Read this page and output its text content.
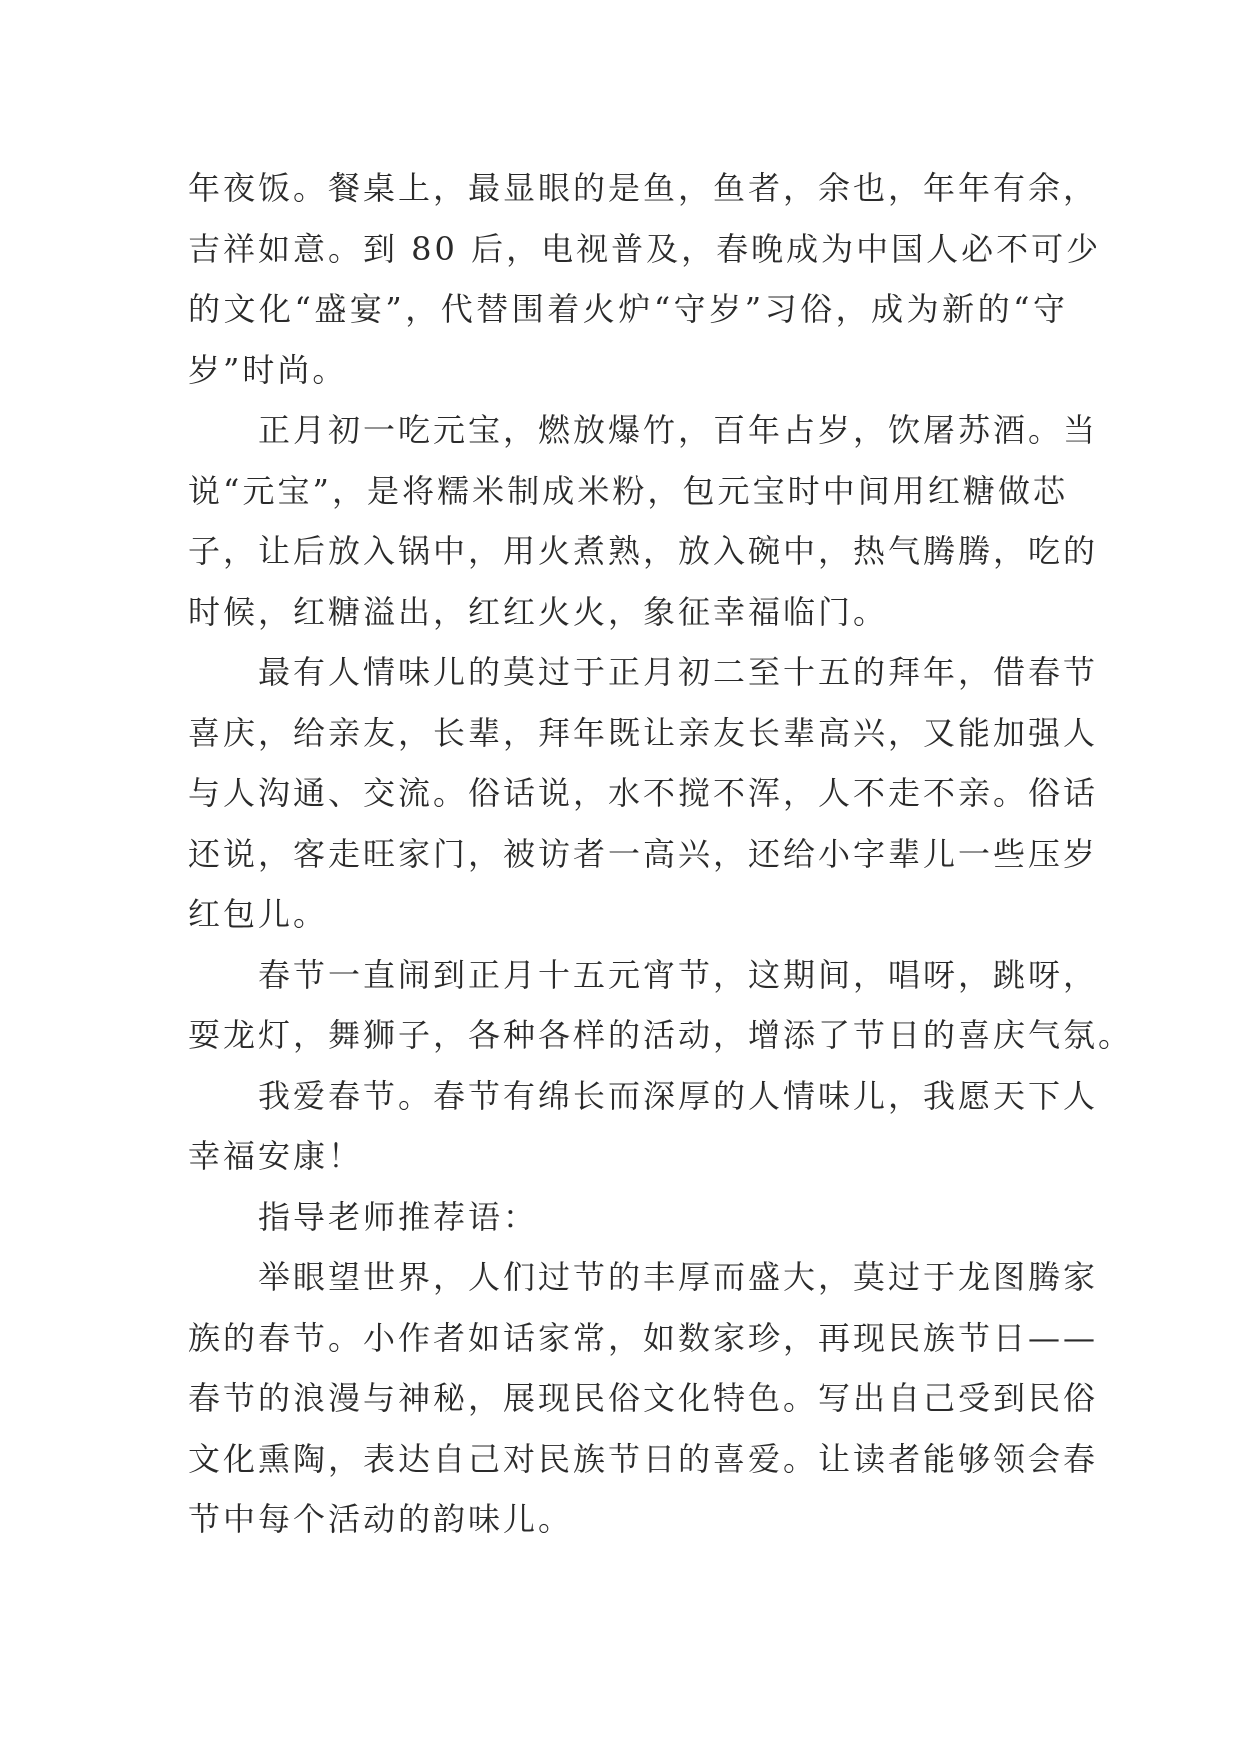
年夜饭。餐桌上，最显眼的是鱼，鱼者，余也，年年有余，
吉祥如意。到 80 后，电视普及，春晚成为中国人必不可少
的文化“盛宴”，代替围着火炉“守岁”习俗，成为新的“守
岁”时尚。
　　正月初一吃元宝，燃放爆竹，百年占岁，饮屠苏酒。当
说“元宝”，是将糯米制成米粉，包元宝时中间用红糖做芯
子，让后放入锅中，用火煮熟，放入碗中，热气腾腾，吃的
时候，红糖溢出，红红火火，象征幸福临门。
　　最有人情味儿的莫过于正月初二至十五的拜年，借春节
喜庆，给亲友，长辈，拜年既让亲友长辈高兴，又能加强人
与人沟通、交流。俗话说，水不搅不浑，人不走不亲。俗话
还说，客走旺家门，被访者一高兴，还给小字辈儿一些压岁
红包儿。
　　春节一直闹到正月十五元宵节，这期间，唱呀，跳呀，
耍龙灯，舞狮子，各种各样的活动，增添了节日的喜庆气氛。
　　我爱春节。春节有绵长而深厚的人情味儿，我愿天下人
幸福安康！
　　指导老师推荐语：
　　举眼望世界，人们过节的丰厚而盛大，莫过于龙图腾家
族的春节。小作者如话家常，如数家珍，再现民族节日——
春节的浪漫与神秘，展现民俗文化特色。写出自己受到民俗
文化熏陶，表达自己对民族节日的喜爱。让读者能够领会春
节中每个活动的韵味儿。
